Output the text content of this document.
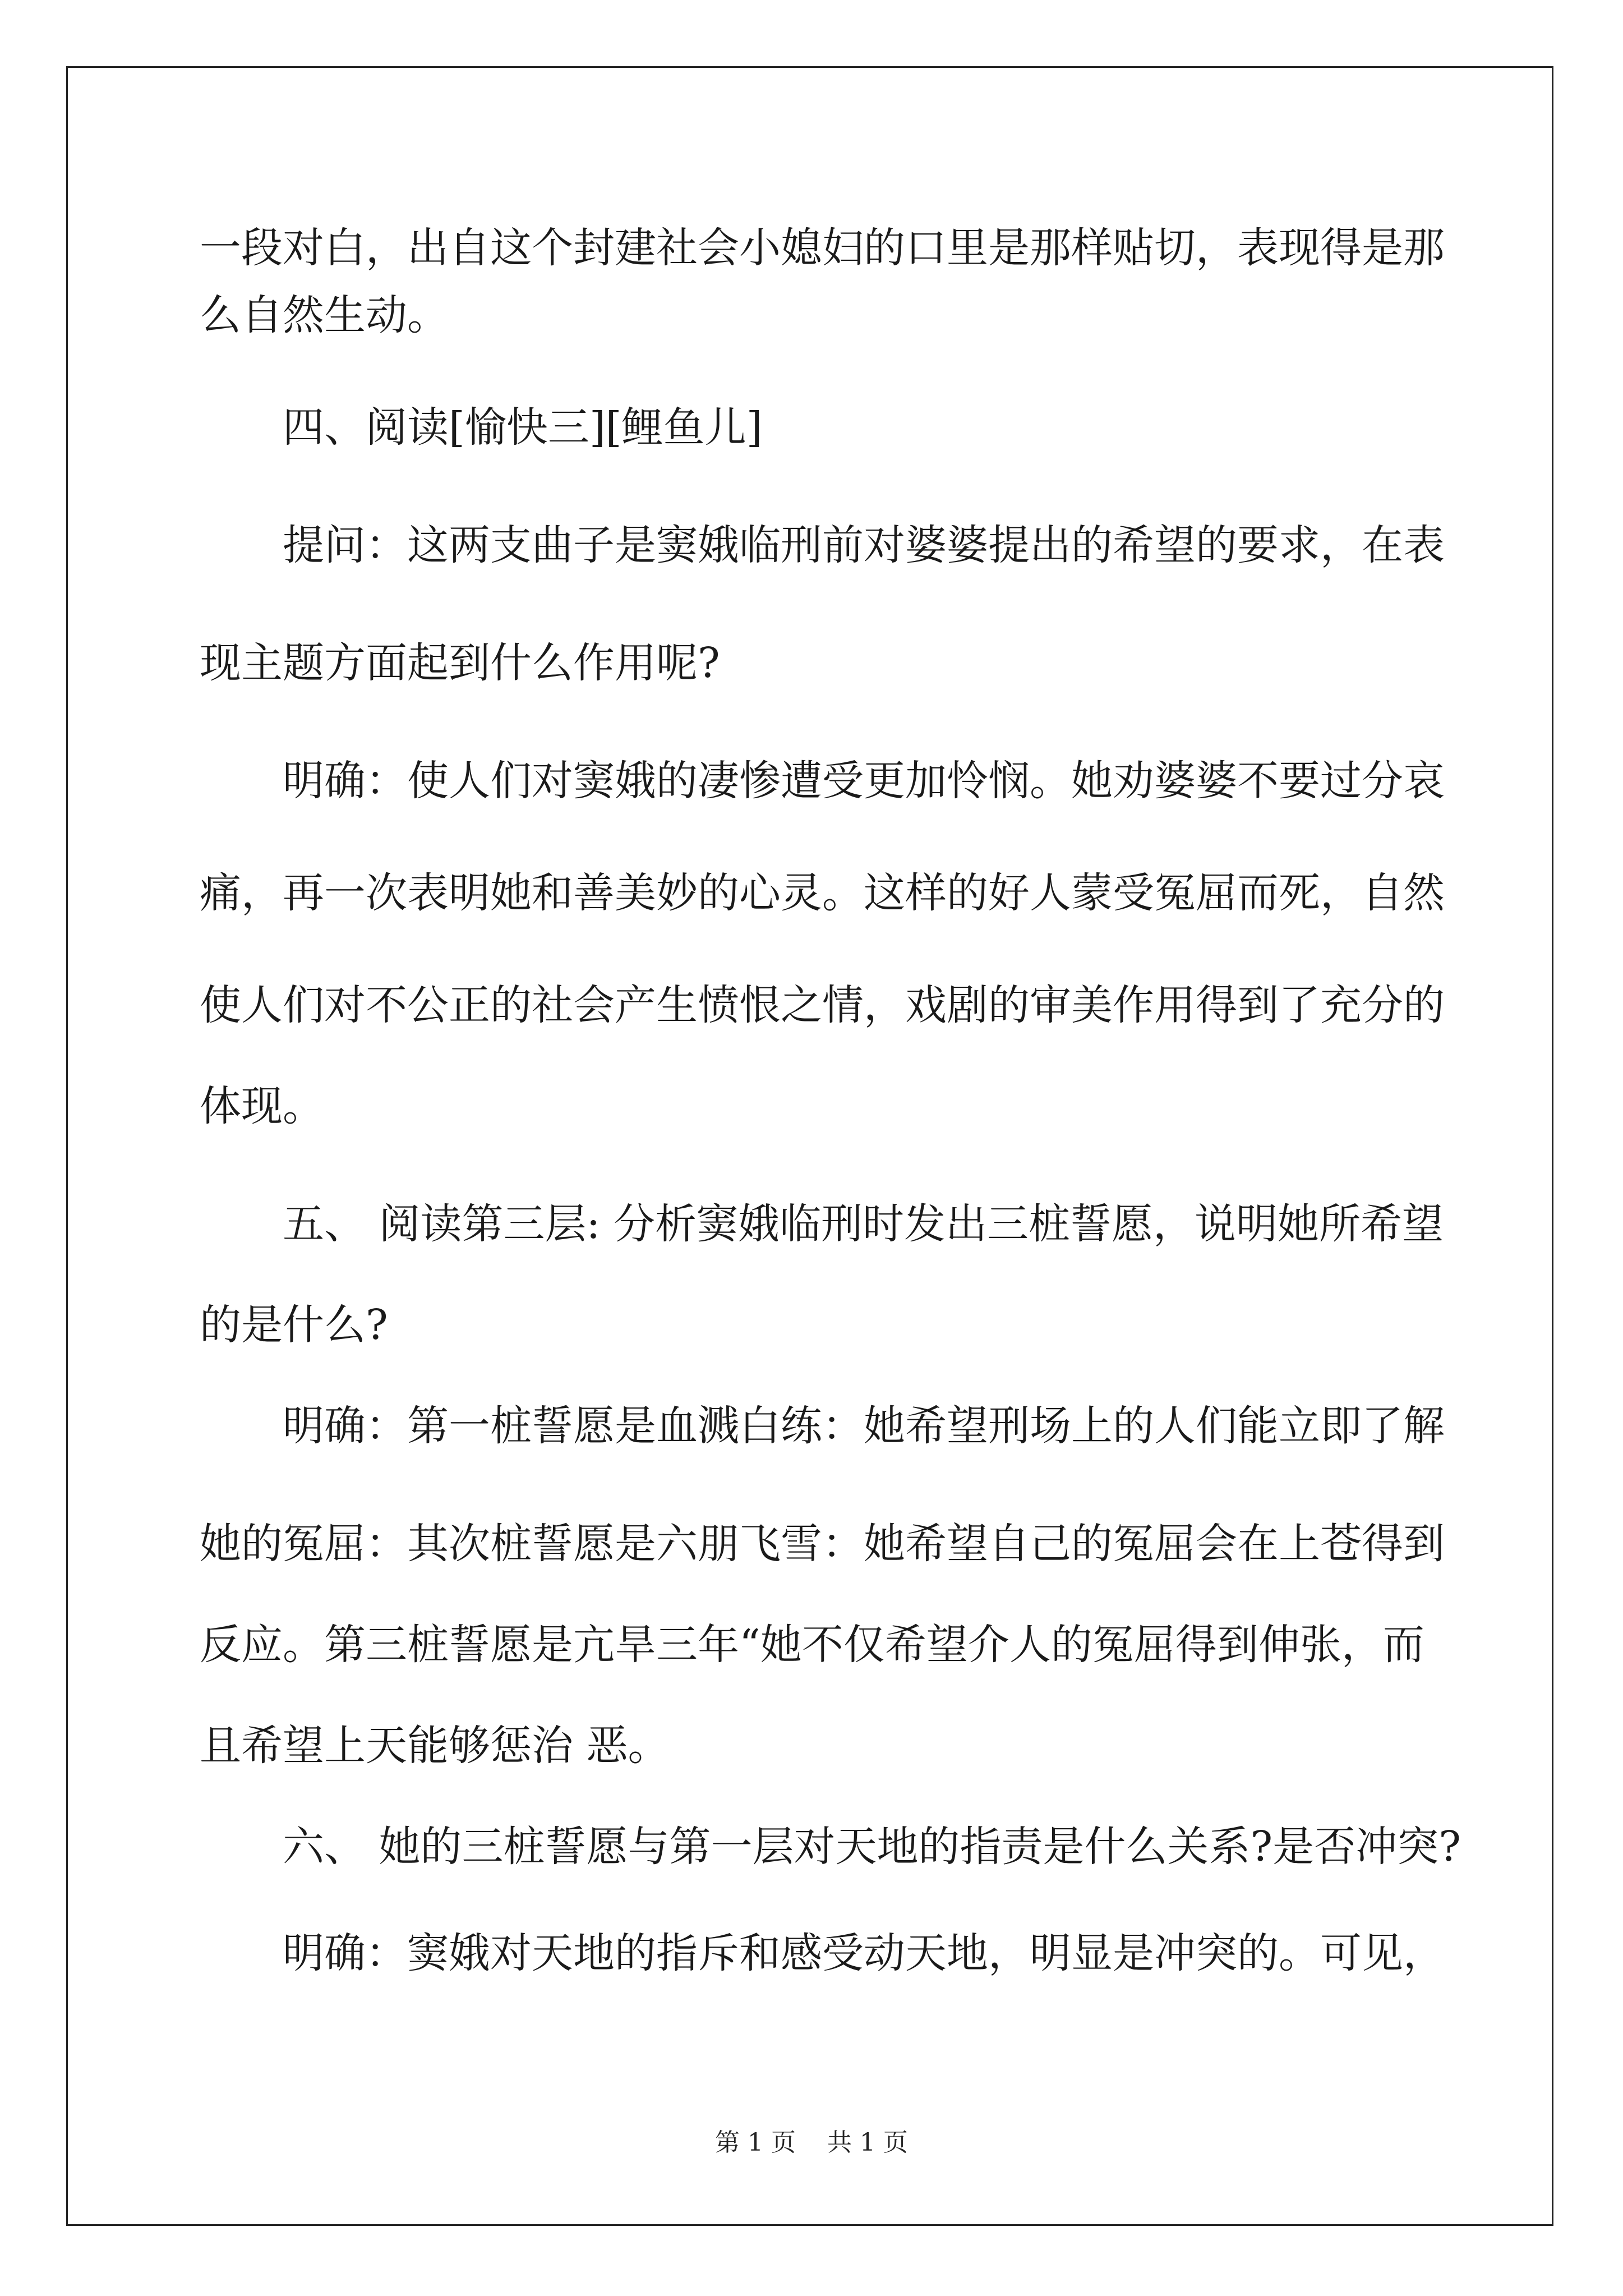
一段对白，出自这个封建社会小媳妇的口里是那样贴切，表现得是那
么自然生动。
四、阅读[愉快三][鲤鱼儿]
提问：这两支曲子是窦娥临刑前对婆婆提出的希望的要求，在表
现主题方面起到什么作用呢?
明确：使人们对窦娥的凄惨遭受更加怜悯。她劝婆婆不要过分哀
痛，再一次表明她和善美妙的心灵。这样的好人蒙受冤屈而死，自然
使人们对不公正的社会产生愤恨之情，戏剧的审美作用得到了充分的
体现。
五、 阅读第三层: 分析窦娥临刑时发出三桩誓愿，说明她所希望
的是什么?
明确：第一桩誓愿是血溅白练：她希望刑场上的人们能立即了解
她的冤屈：其次桩誓愿是六朋飞雪：她希望自己的冤屈会在上苍得到
反应。第三桩誓愿是亢旱三年“她不仅希望介人的冤屈得到伸张，而
且希望上天能够惩治 恶。
六、 她的三桩誓愿与第一层对天地的指责是什么关系?是否冲突?
明确：窦娥对天地的指斥和感受动天地，明显是冲突的。可见，
第 1 页    共 1 页
